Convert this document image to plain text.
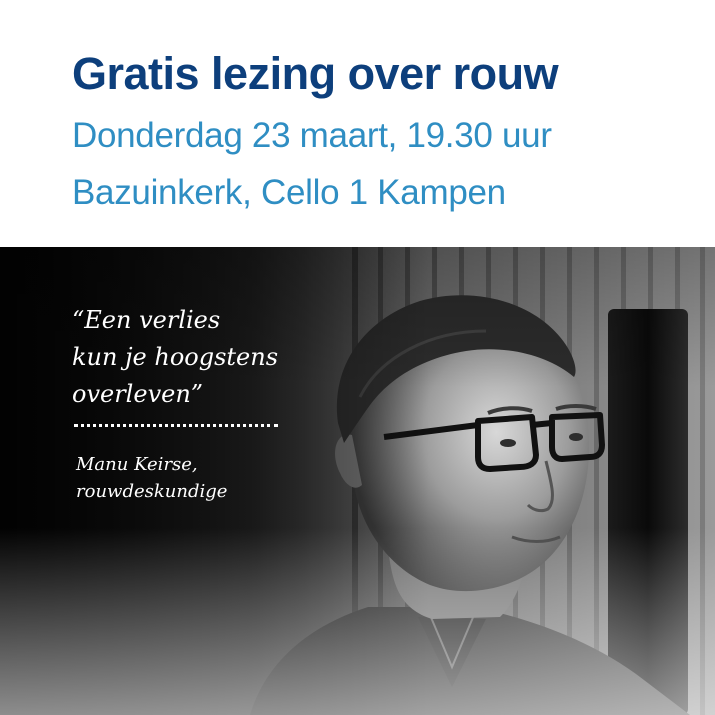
Gratis lezing over rouw

Donderdag 23 maart, 19.30 uur

Bazuinkerk, Cello 1 Kampen

“Een verlies
kun je hoogstens
overleven”

Manu Keirse,
rouwdeskundige
